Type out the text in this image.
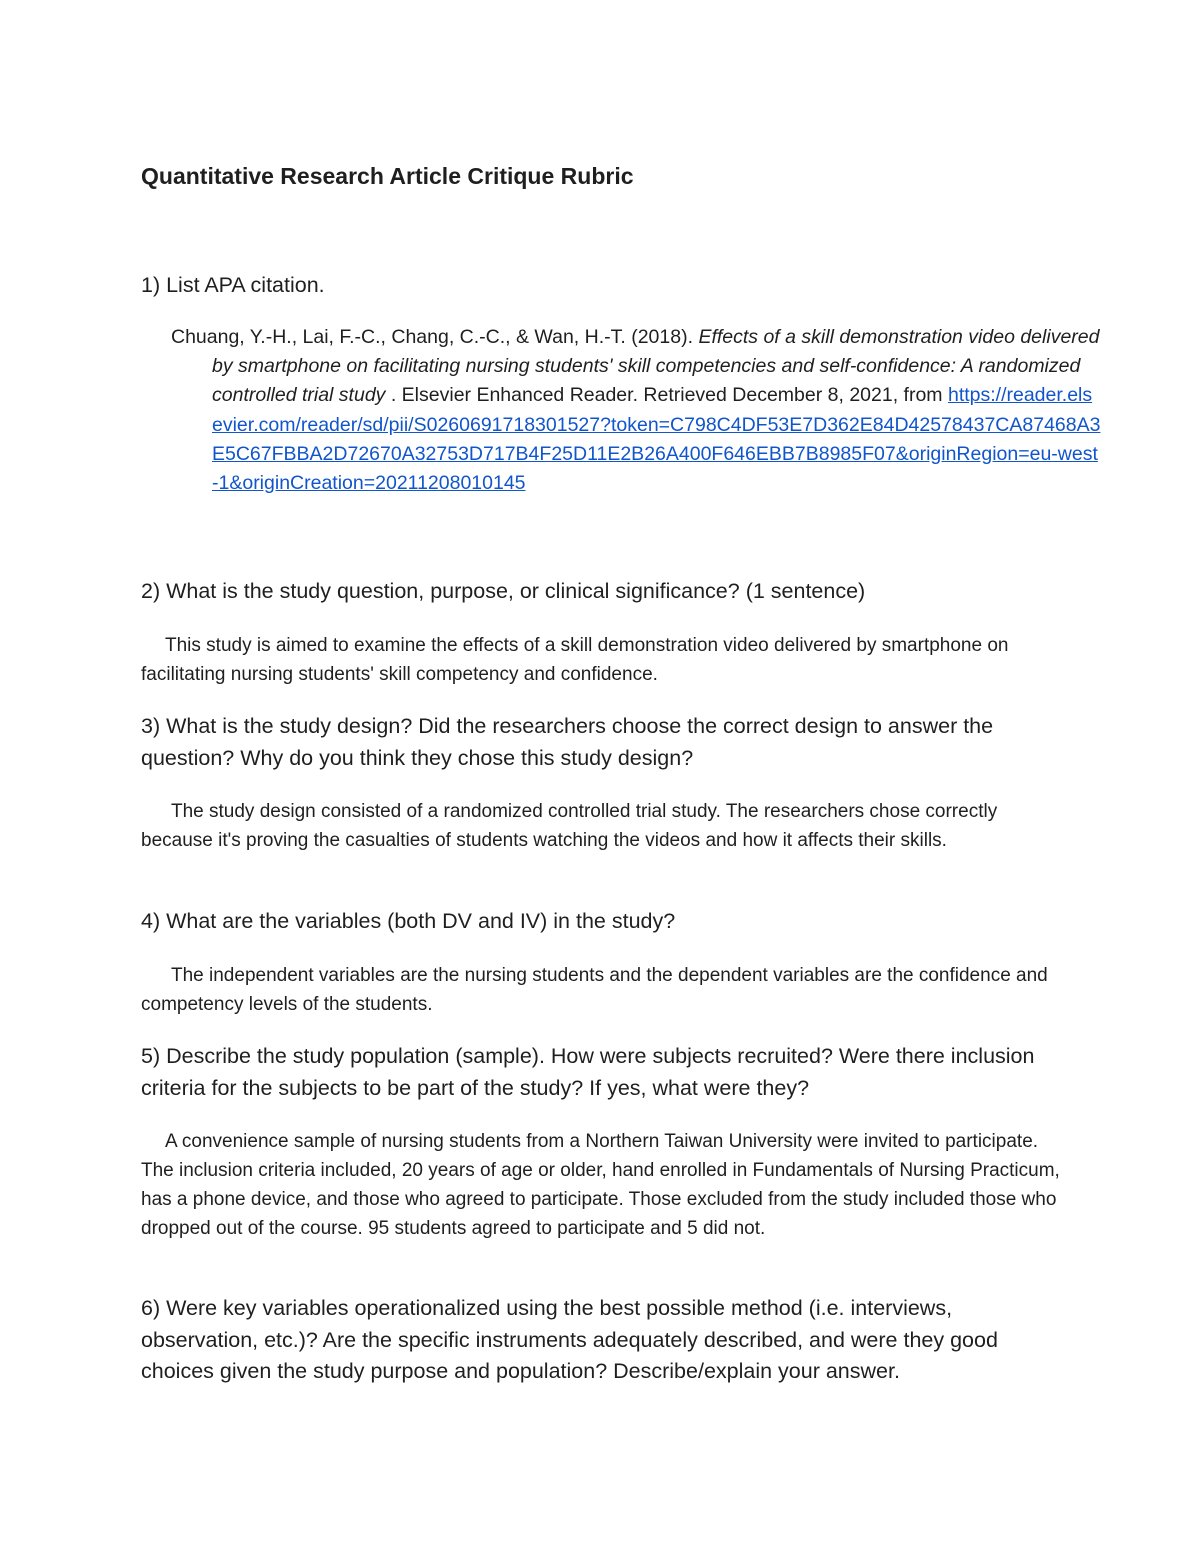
Quantitative Research Article Critique Rubric

1) List APA citation.

Chuang, Y.-H., Lai, F.-C., Chang, C.-C., & Wan, H.-T. (2018). Effects of a skill demonstration video delivered by smartphone on facilitating nursing students' skill competencies and self-confidence: A randomized controlled trial study . Elsevier Enhanced Reader. Retrieved December 8, 2021, from https://reader.elsevier.com/reader/sd/pii/S0260691718301527?token=C798C4DF53E7D362E84D42578437CA87468A3E5C67FBBA2D72670A32753D717B4F25D11E2B26A400F646EBB7B8985F07&originRegion=eu-west-1&originCreation=20211208010145

2) What is the study question, purpose, or clinical significance? (1 sentence)

This study is aimed to examine the effects of a skill demonstration video delivered by smartphone on facilitating nursing students' skill competency and confidence.

3) What is the study design? Did the researchers choose the correct design to answer the question? Why do you think they chose this study design?

The study design consisted of a randomized controlled trial study. The researchers chose correctly because it's proving the casualties of students watching the videos and how it affects their skills.

4) What are the variables (both DV and IV) in the study?

The independent variables are the nursing students and the dependent variables are the confidence and competency levels of the students.

5) Describe the study population (sample). How were subjects recruited? Were there inclusion criteria for the subjects to be part of the study? If yes, what were they?

A convenience sample of nursing students from a Northern Taiwan University were invited to participate. The inclusion criteria included, 20 years of age or older, hand enrolled in Fundamentals of Nursing Practicum, has a phone device, and those who agreed to participate. Those excluded from the study included those who dropped out of the course. 95 students agreed to participate and 5 did not.

6) Were key variables operationalized using the best possible method (i.e. interviews, observation, etc.)? Are the specific instruments adequately described, and were they good choices given the study purpose and population? Describe/explain your answer.
